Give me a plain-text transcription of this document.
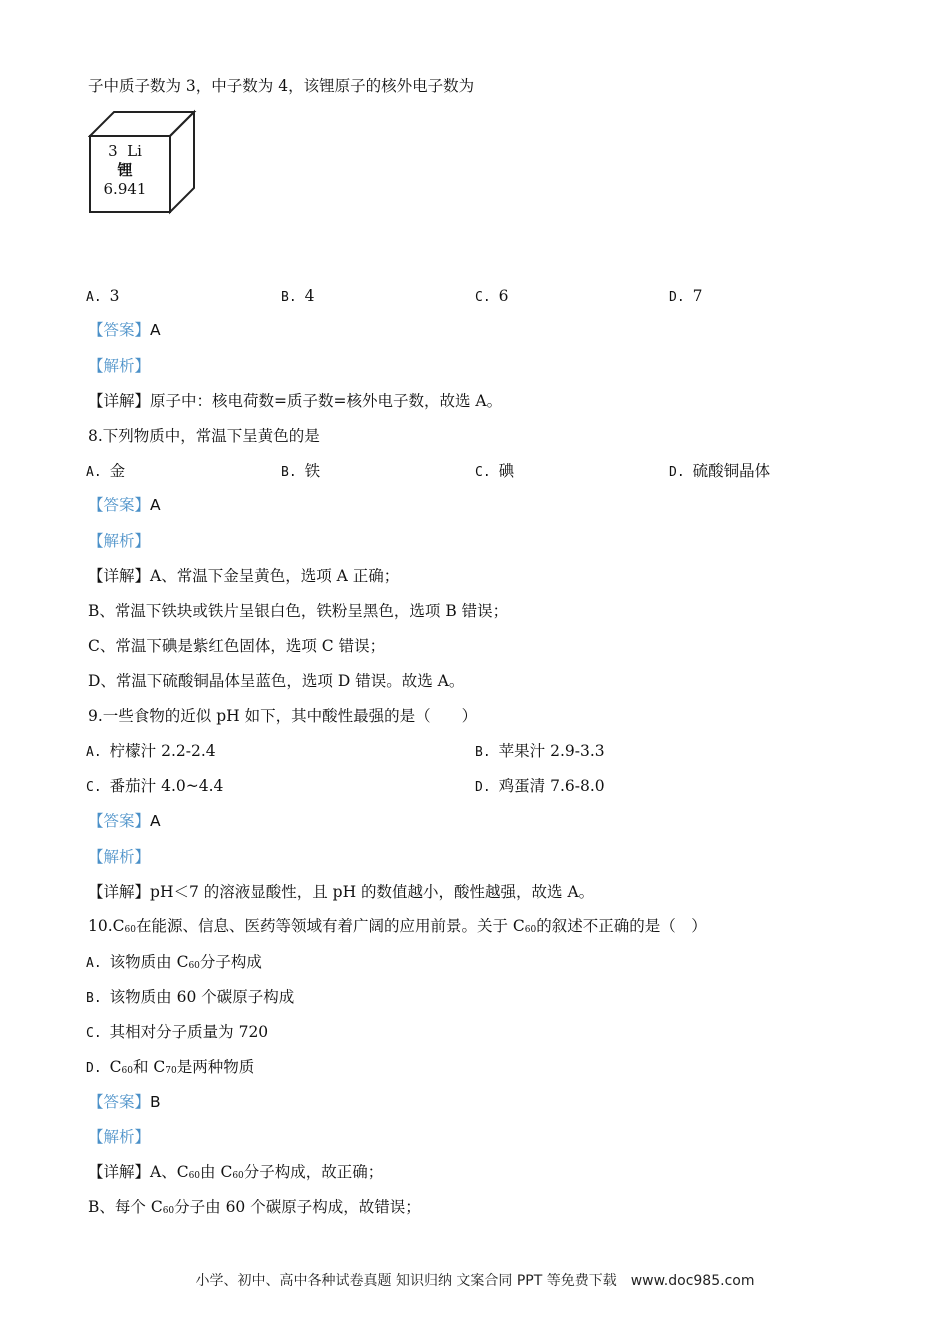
子中质子数为 3，中子数为 4，该锂原子的核外电子数为
3 Li
锂
6.941
A. 3	B. 4	C. 6	D. 7
【答案】A
【解析】
【详解】原子中：核电荷数=质子数=核外电子数，故选 A。
8.下列物质中，常温下呈黄色的是
A. 金	B. 铁	C. 碘	D. 硫酸铜晶体
【答案】A
【解析】
【详解】A、常温下金呈黄色，选项 A 正确；
B、常温下铁块或铁片呈银白色，铁粉呈黑色，选项 B 错误；
C、常温下碘是紫红色固体，选项 C 错误；
D、常温下硫酸铜晶体呈蓝色，选项 D 错误。故选 A。
9.一些食物的近似 pH 如下，其中酸性最强的是（　　）
A. 柠檬汁 2.2-2.4	B. 苹果汁 2.9-3.3
C. 番茄汁 4.0~4.4	D. 鸡蛋清 7.6-8.0
【答案】A
【解析】
【详解】pH＜7 的溶液显酸性，且 pH 的数值越小，酸性越强，故选 A。
$10.C_{60}$在能源、信息、医药等领域有着广阔的应用前景。关于 $C_{60}$的叙述不正确的是（　）
A. 该物质由 $C_{60}$分子构成
B. 该物质由 60 个碳原子构成
C. 其相对分子质量为 720
D. $C_{60}$和 $C_{70}$是两种物质
【答案】B
【解析】
【详解】A、$C_{60}$由 $C_{60}$分子构成，故正确；
B、每个 $C_{60}$分子由 60 个碳原子构成，故错误；
小学、初中、高中各种试卷真题 知识归纳 文案合同 PPT 等免费下载　www.doc985.com
